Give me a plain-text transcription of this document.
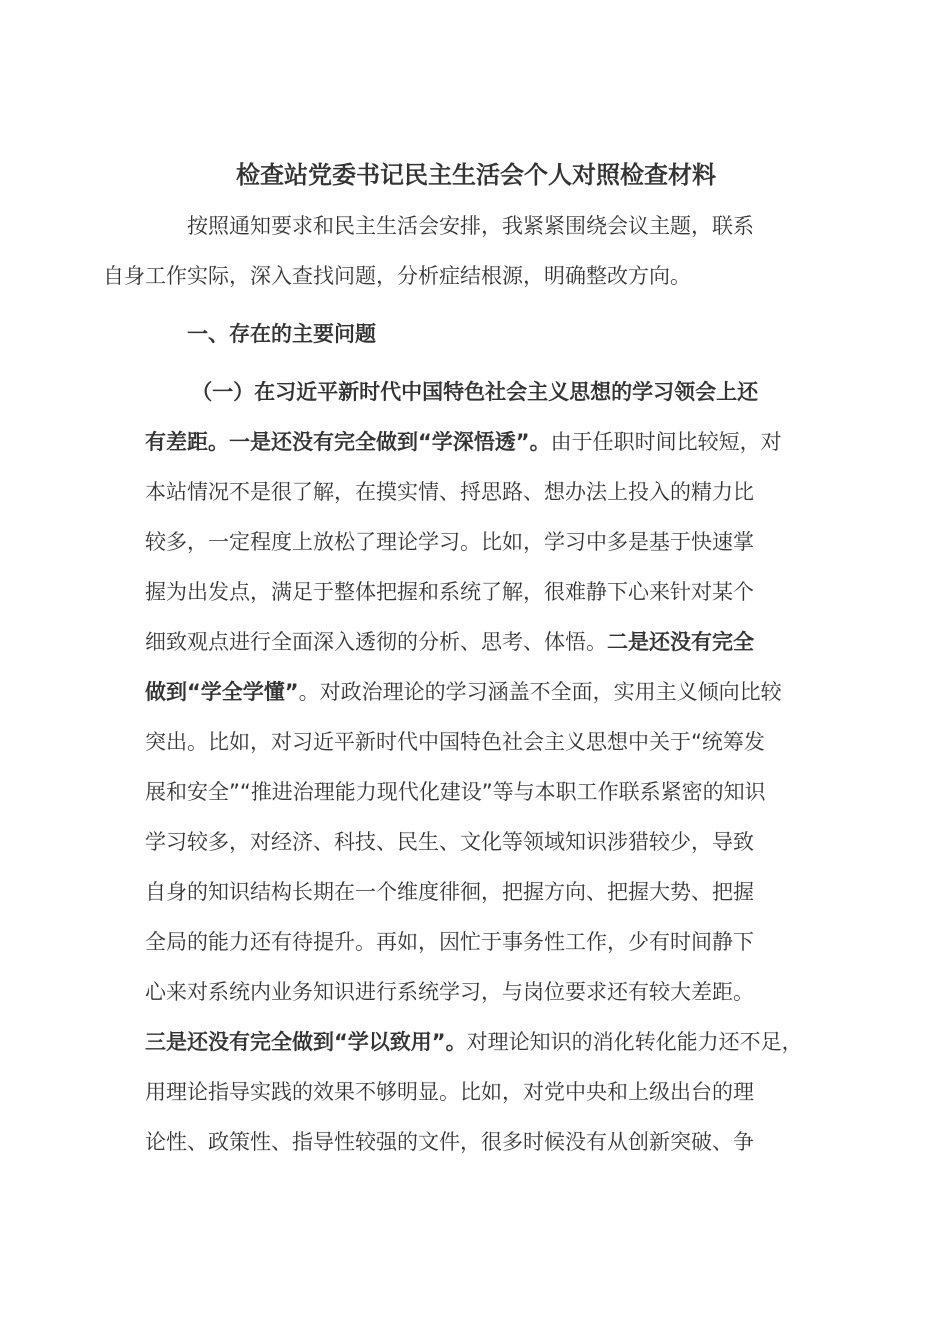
检查站党委书记民主生活会个人对照检查材料

按照通知要求和民主生活会安排，我紧紧围绕会议主题，联系
自身工作实际，深入查找问题，分析症结根源，明确整改方向。

一、存在的主要问题
（一）在习近平新时代中国特色社会主义思想的学习领会上还
有差距。一是还没有完全做到“学深悟透”。由于任职时间比较短，对
本站情况不是很了解，在摸实情、捋思路、想办法上投入的精力比
较多，一定程度上放松了理论学习。比如，学习中多是基于快速掌
握为出发点，满足于整体把握和系统了解，很难静下心来针对某个
细致观点进行全面深入透彻的分析、思考、体悟。二是还没有完全
做到“学全学懂”。对政治理论的学习涵盖不全面，实用主义倾向比较
突出。比如，对习近平新时代中国特色社会主义思想中关于“统筹发
展和安全”“推进治理能力现代化建设”等与本职工作联系紧密的知识
学习较多，对经济、科技、民生、文化等领域知识涉猎较少，导致
自身的知识结构长期在一个维度徘徊，把握方向、把握大势、把握
全局的能力还有待提升。再如，因忙于事务性工作，少有时间静下
心来对系统内业务知识进行系统学习，与岗位要求还有较大差距。
三是还没有完全做到“学以致用”。对理论知识的消化转化能力还不足，
用理论指导实践的效果不够明显。比如，对党中央和上级出台的理
论性、政策性、指导性较强的文件，很多时候没有从创新突破、争
